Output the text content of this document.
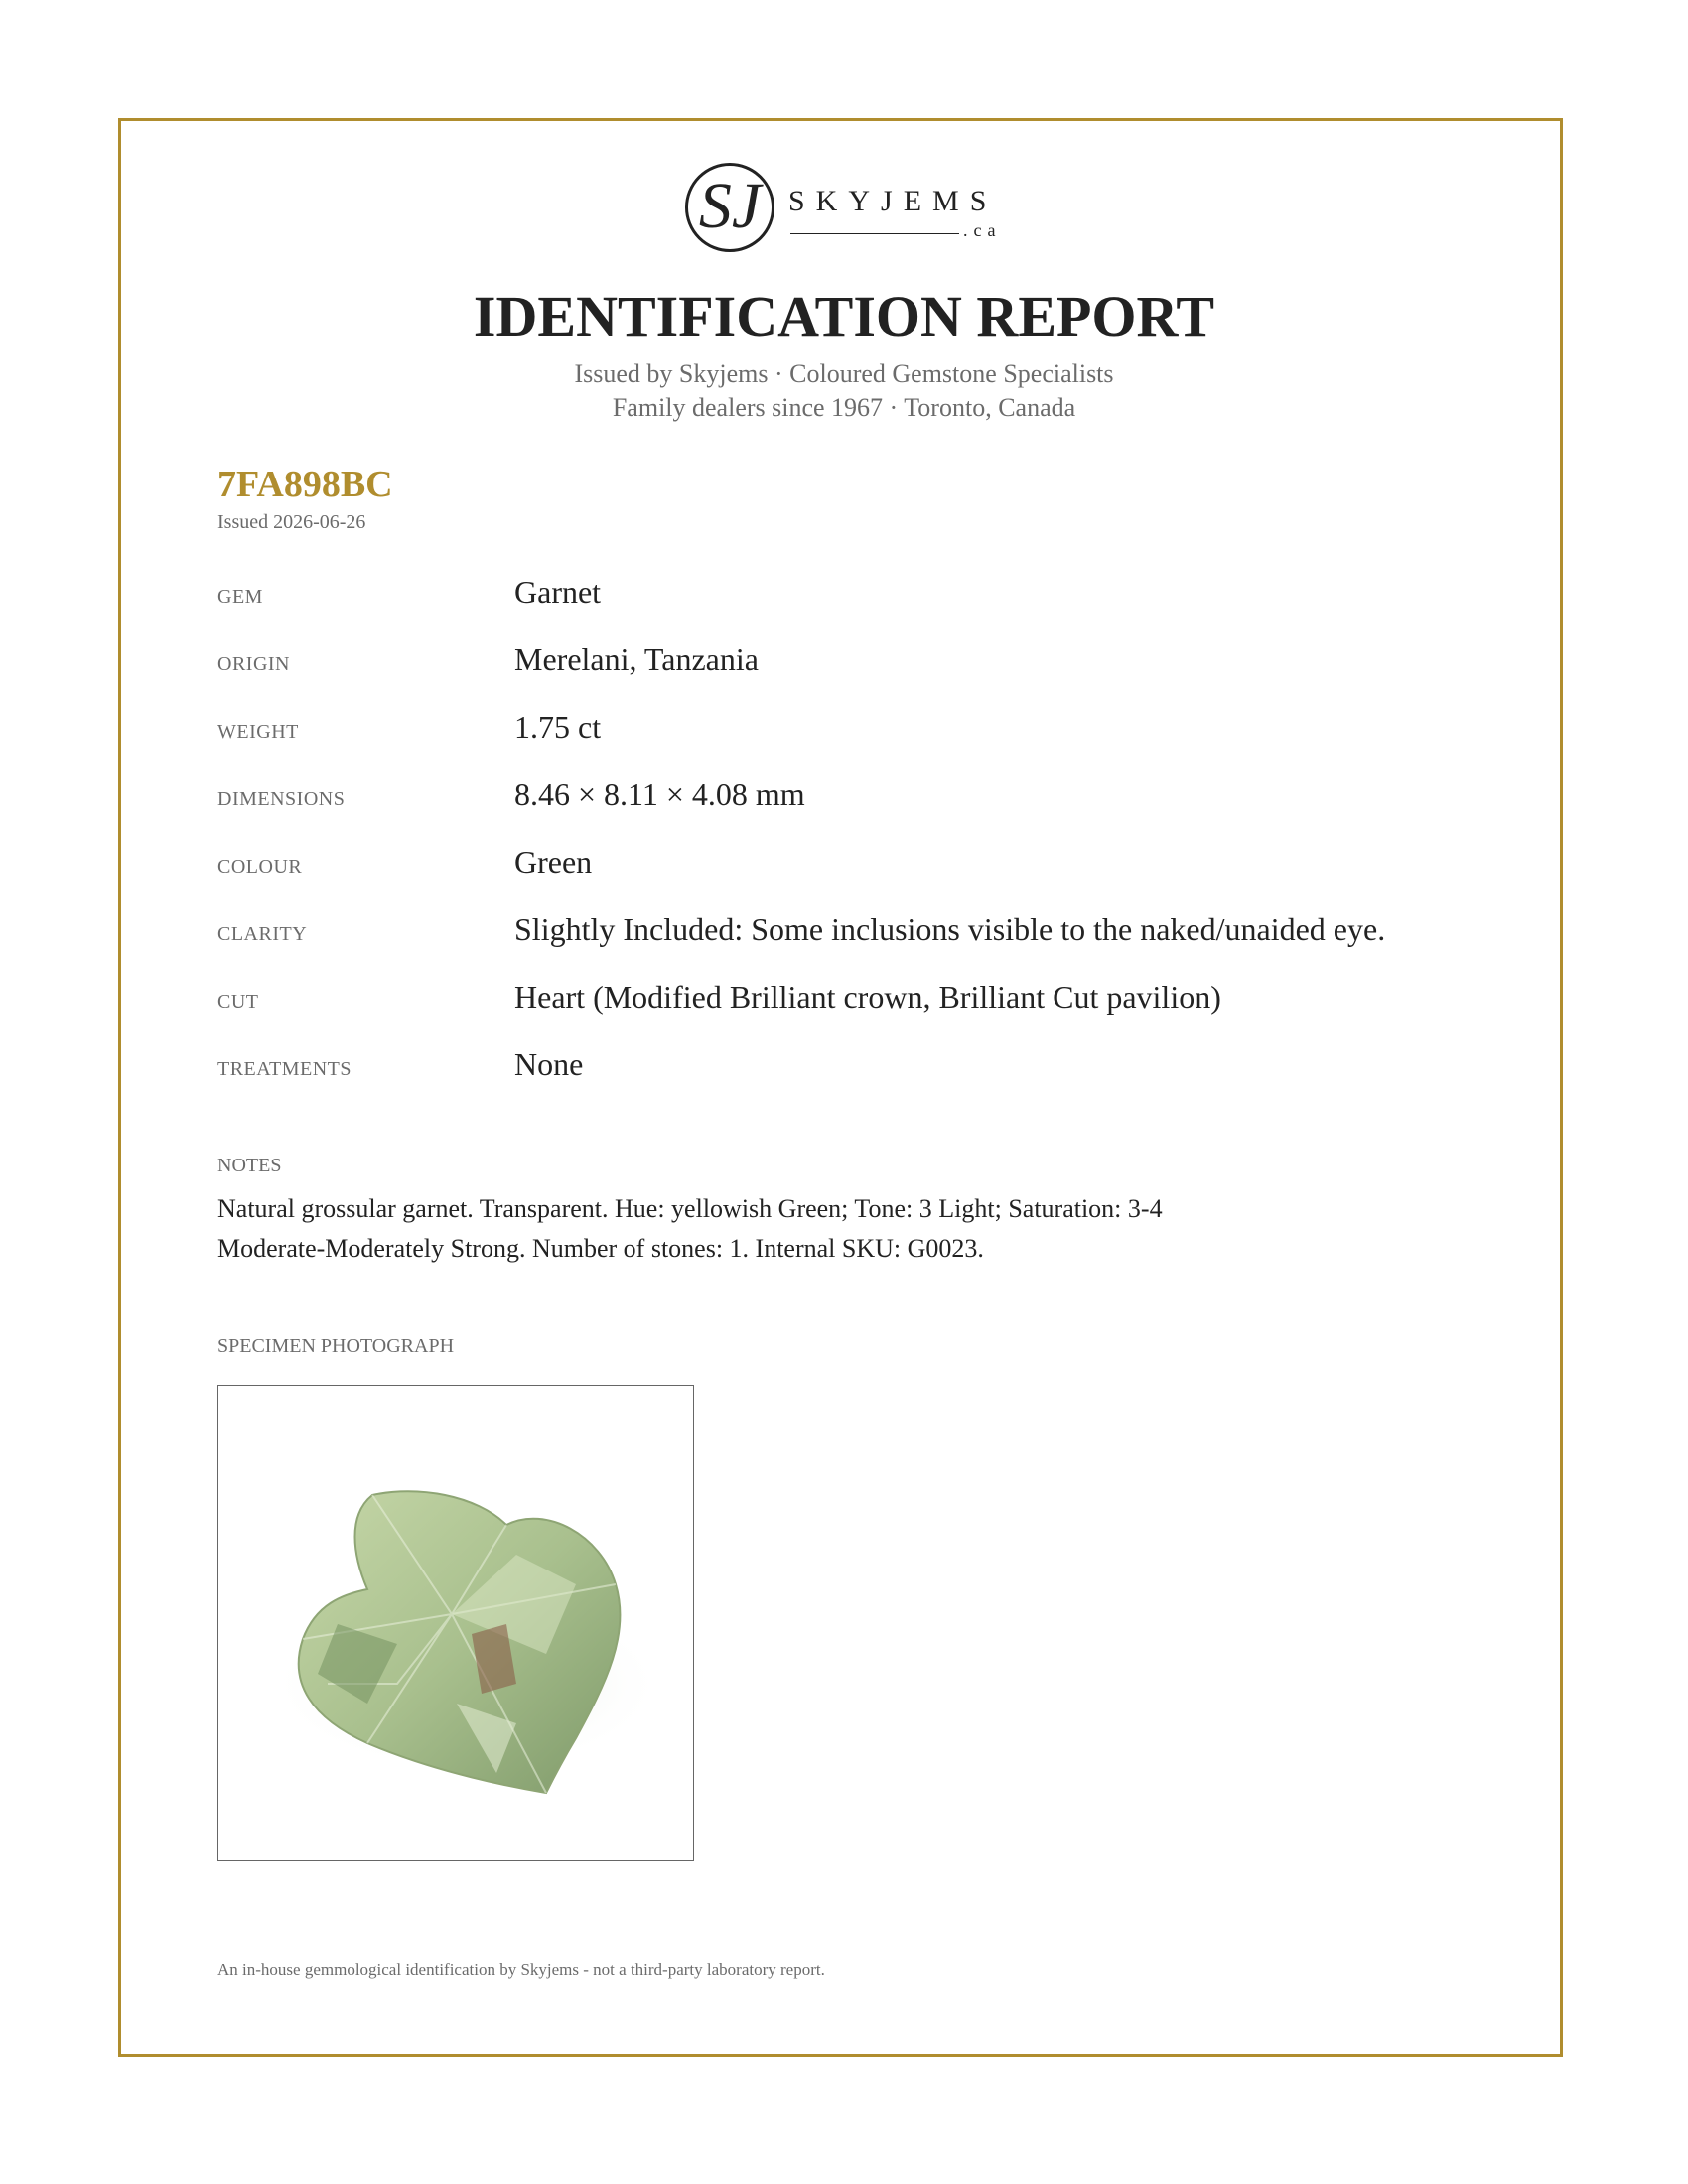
SJ SKYJEMS
.ca
IDENTIFICATION REPORT
Issued by Skyjems · Coloured Gemstone Specialists
Family dealers since 1967 · Toronto, Canada
7FA898BC
Issued 2026-06-26
GEM	Garnet
ORIGIN	Merelani, Tanzania
WEIGHT	1.75 ct
DIMENSIONS	8.46 × 8.11 × 4.08 mm
COLOUR	Green
CLARITY	Slightly Included: Some inclusions visible to the naked/unaided eye.
CUT	Heart (Modified Brilliant crown, Brilliant Cut pavilion)
TREATMENTS	None
NOTES
Natural grossular garnet. Transparent. Hue: yellowish Green; Tone: 3 Light; Saturation: 3-4
Moderate-Moderately Strong. Number of stones: 1. Internal SKU: G0023.
SPECIMEN PHOTOGRAPH
An in-house gemmological identification by Skyjems - not a third-party laboratory report.
